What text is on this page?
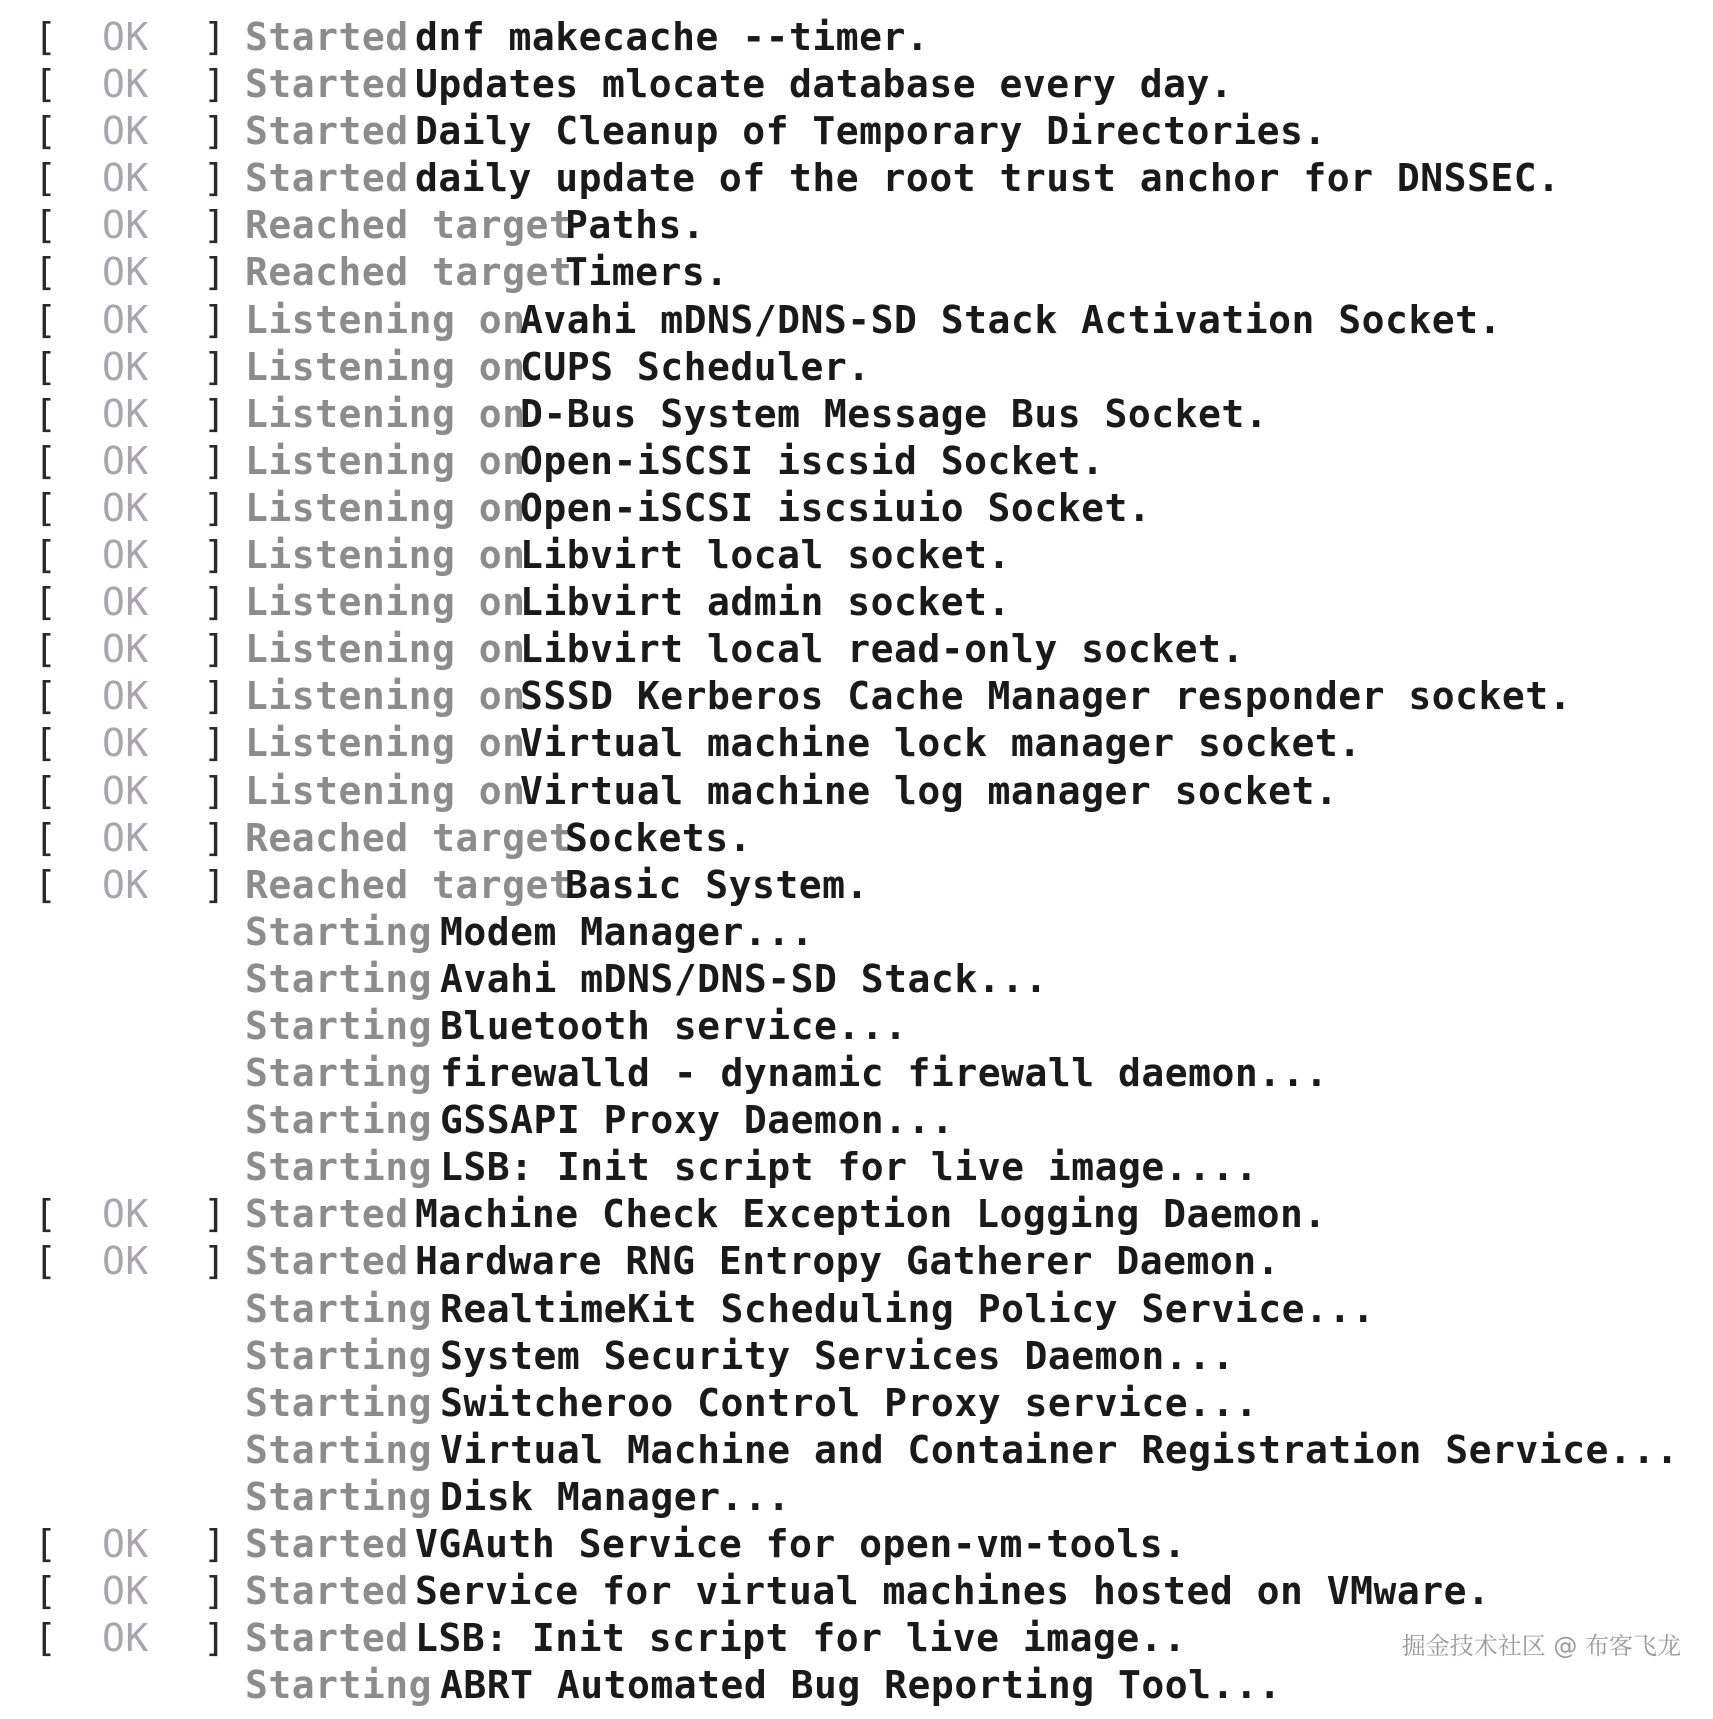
[ OK ] Started dnf makecache --timer.
[ OK ] Started Updates mlocate database every day.
[ OK ] Started Daily Cleanup of Temporary Directories.
[ OK ] Started daily update of the root trust anchor for DNSSEC.
[ OK ] Reached target
Paths.
[ OK ] Reached target
Timers.
[ OK ] Listening on
Avahi mDNS/DNS-SD Stack Activation Socket.
[ OK ] Listening on
CUPS Scheduler.
[ OK ] Listening on
D-Bus System Message Bus Socket.
[ OK ] Listening on
Open-iSCSI iscsid Socket.
[ OK ] Listening on
Open-iSCSI iscsiuio Socket.
[ OK ] Listening on
Libvirt local socket.
[ OK ] Listening on
Libvirt admin socket.
[ OK ] Listening on
Libvirt local read-only socket.
[ OK ] Listening on
SSSD Kerberos Cache Manager responder socket.
[ OK ] Listening on
Virtual machine lock manager socket.
[ OK ] Listening on
Virtual machine log manager socket.
[ OK ] Reached target
Sockets.
[ OK ] Reached target
Basic System.
Starting Modem Manager...
Starting Avahi mDNS/DNS-SD Stack...
Starting Bluetooth service...
Starting firewalld - dynamic firewall daemon...
Starting GSSAPI Proxy Daemon...
Starting LSB: Init script for live image....
[ OK ] Started Machine Check Exception Logging Daemon.
[ OK ] Started Hardware RNG Entropy Gatherer Daemon.
Starting RealtimeKit Scheduling Policy Service...
Starting System Security Services Daemon...
Starting Switcheroo Control Proxy service...
Starting Virtual Machine and Container Registration Service...
Starting Disk Manager...
[ OK ] Started VGAuth Service for open-vm-tools.
[ OK ] Started Service for virtual machines hosted on VMware.
[ OK ] Started LSB: Init script for live image..
Starting ABRT Automated Bug Reporting Tool...
掘金技术社区 @ 布客飞龙
